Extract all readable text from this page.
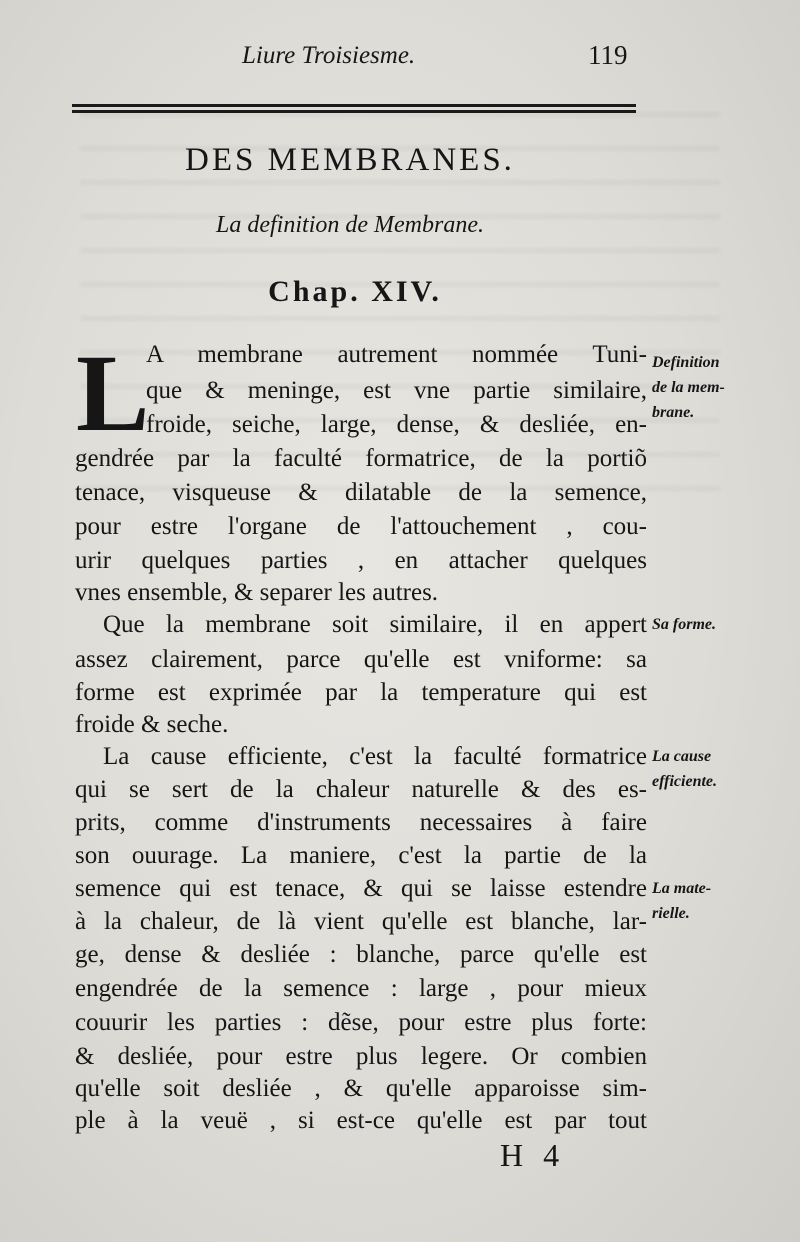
Liure Troisiesme.	119
DES MEMBRANES.
La definition de Membrane.
Chap. XIV.
L
A membrane autrement nommée Tuni-
que & meninge, est vne partie similaire,
froide, seiche, large, dense, & desliée, en-
gendrée par la faculté formatrice, de la portiõ
tenace, visqueuse & dilatable de la semence,
pour estre l'organe de l'attouchement , cou-
urir quelques parties , en attacher quelques
vnes ensemble, & separer les autres.
Que la membrane soit similaire, il en appert
assez clairement, parce qu'elle est vniforme: sa
forme est exprimée par la temperature qui est
froide & seche.
La cause efficiente, c'est la faculté formatrice
qui se sert de la chaleur naturelle & des es-
prits, comme d'instruments necessaires à faire
son ouurage. La maniere, c'est la partie de la
semence qui est tenace, & qui se laisse estendre
à la chaleur, de là vient qu'elle est blanche, lar-
ge, dense & desliée : blanche, parce qu'elle est
engendrée de la semence : large , pour mieux
couurir les parties : dẽse, pour estre plus forte:
& desliée, pour estre plus legere. Or combien
qu'elle soit desliée , & qu'elle apparoisse sim-
ple à la veuë , si est-ce qu'elle est par tout
Definition
de la mem-
brane.
Sa forme.
La cause
efficiente.
La mate-
rielle.
H 4
